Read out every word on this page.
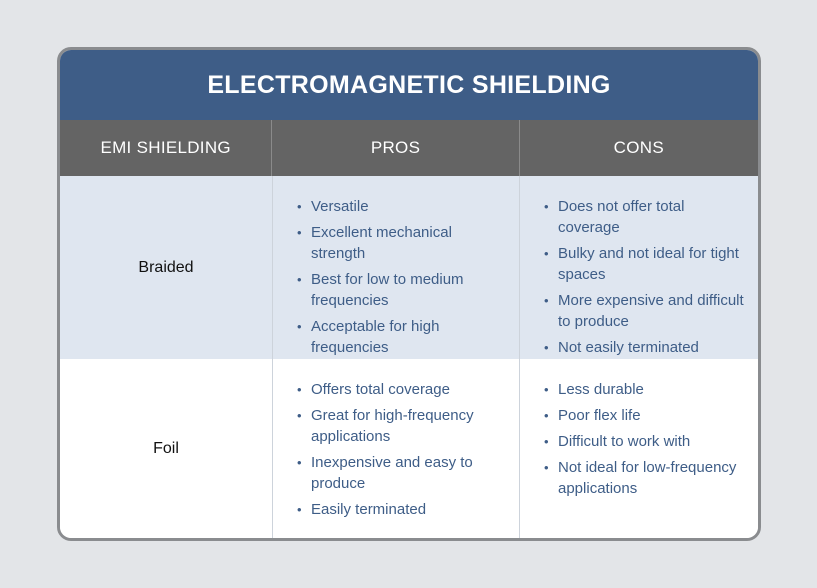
ELECTROMAGNETIC SHIELDING
EMI SHIELDING	PROS	CONS
Braided
• Versatile
• Excellent mechanical strength
• Best for low to medium frequencies
• Acceptable for high frequencies
• Does not offer total coverage
• Bulky and not ideal for tight spaces
• More expensive and difficult to produce
• Not easily terminated
Foil
• Offers total coverage
• Great for high-frequency applications
• Inexpensive and easy to produce
• Easily terminated
• Less durable
• Poor flex life
• Difficult to work with
• Not ideal for low-frequency applications
